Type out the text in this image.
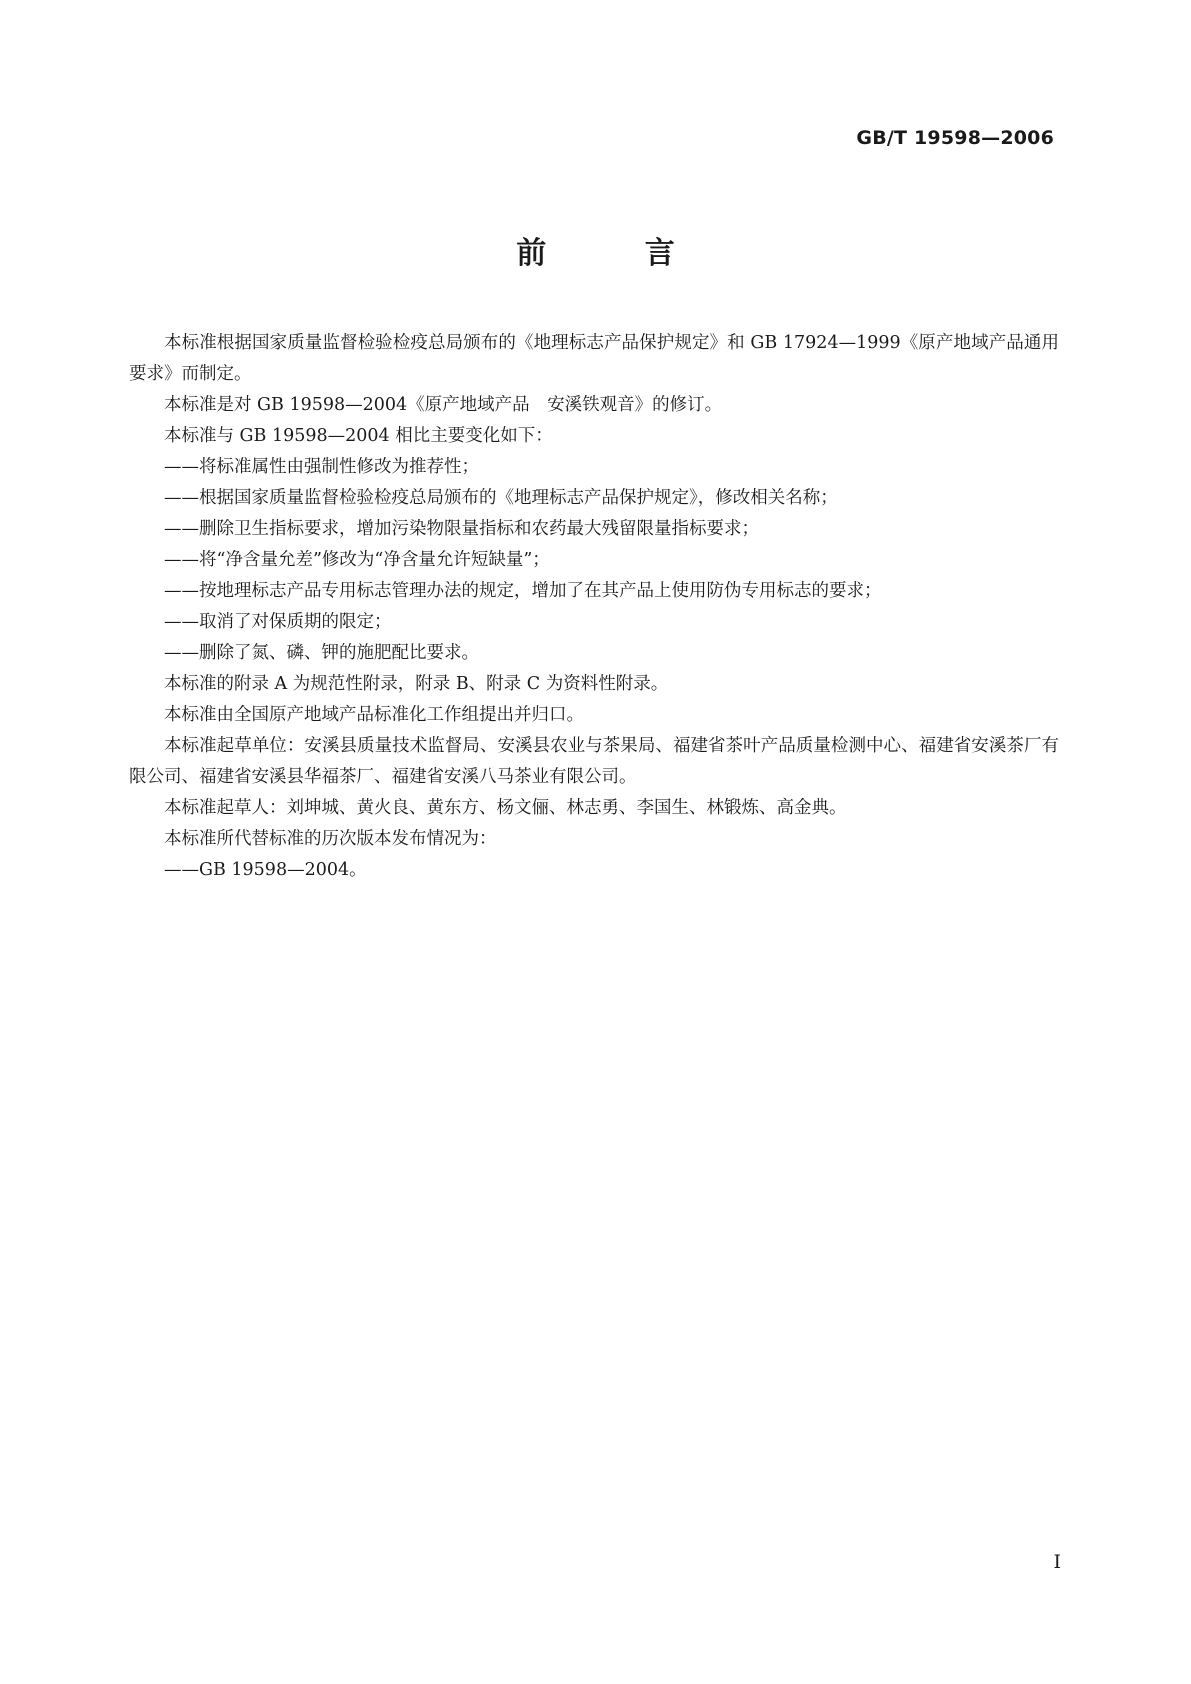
GB/T 19598—2006
前 言

本标准根据国家质量监督检验检疫总局颁布的《地理标志产品保护规定》和 GB 17924—1999《原产地域产品通用要求》而制定。

本标准是对 GB 19598—2004《原产地域产品　安溪铁观音》的修订。

本标准与 GB 19598—2004 相比主要变化如下：

——将标准属性由强制性修改为推荐性；

——根据国家质量监督检验检疫总局颁布的《地理标志产品保护规定》，修改相关名称；

——删除卫生指标要求，增加污染物限量指标和农药最大残留限量指标要求；

——将“净含量允差”修改为“净含量允许短缺量”；

——按地理标志产品专用标志管理办法的规定，增加了在其产品上使用防伪专用标志的要求；

——取消了对保质期的限定；

——删除了氮、磷、钾的施肥配比要求。

本标准的附录 A 为规范性附录，附录 B、附录 C 为资料性附录。

本标准由全国原产地域产品标准化工作组提出并归口。

本标准起草单位：安溪县质量技术监督局、安溪县农业与茶果局、福建省茶叶产品质量检测中心、福建省安溪茶厂有限公司、福建省安溪县华福茶厂、福建省安溪八马茶业有限公司。

本标准起草人：刘坤城、黄火良、黄东方、杨文俪、林志勇、李国生、林锻炼、高金典。

本标准所代替标准的历次版本发布情况为：

——GB 19598—2004。

I
